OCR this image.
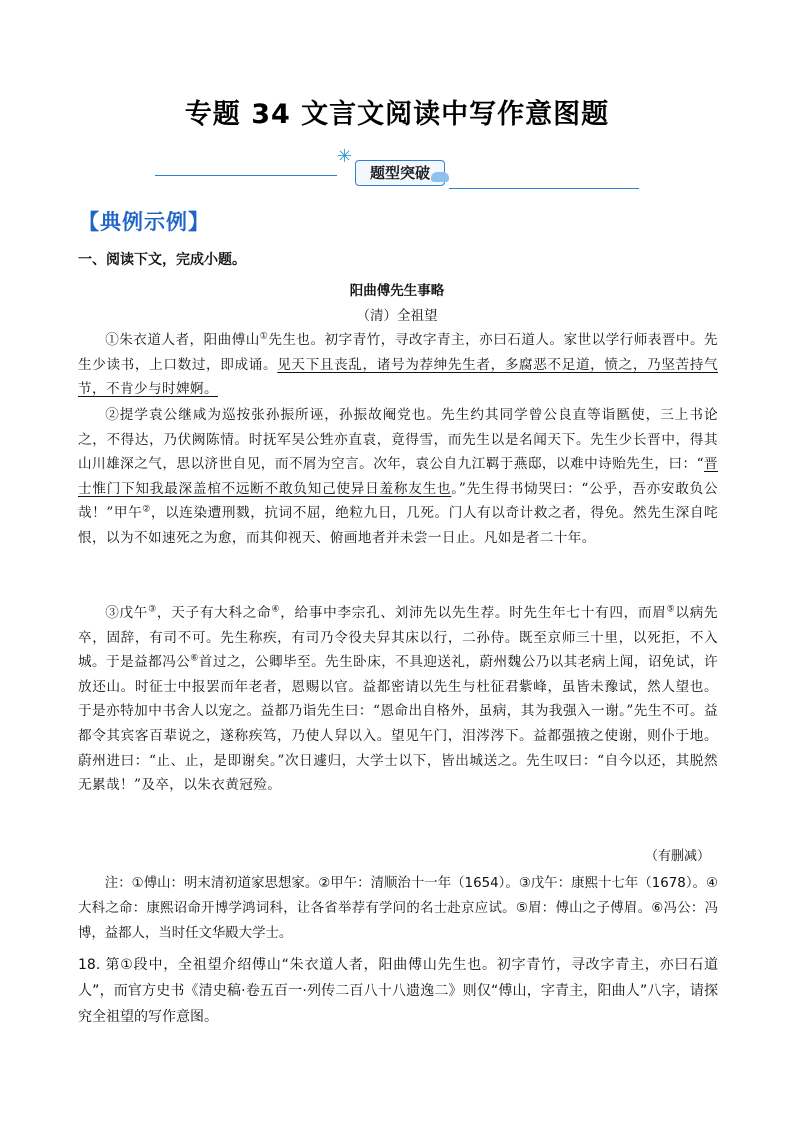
专题 34 文言文阅读中写作意图题
✳
题型突破
【典例示例】
一、阅读下文，完成小题。
阳曲傅先生事略
（清）全祖望

①朱衣道人者，阳曲傅山①先生也。初字青竹，寻改字青主，亦曰石道人。家世以学行师表晋中。先生少读书，上口数过，即成诵。见天下且丧乱，诸号为荐绅先生者，多腐恶不足道，愤之，乃坚苦持气节，不肯少与时婢婀。

②提学袁公继咸为巡按张孙振所诬，孙振故阉党也。先生约其同学曾公良直等诣匦使，三上书论之，不得达，乃伏阙陈情。时抚军吴公甡亦直袁，竟得雪，而先生以是名闻天下。先生少长晋中，得其山川雄深之气，思以济世自见，而不屑为空言。次年，袁公自九江羁于燕邸，以难中诗贻先生，曰：“晋士惟门下知我最深盖棺不远断不敢负知己使异日羞称友生也。”先生得书恸哭曰：“公乎，吾亦安敢负公哉！”甲午②，以连染遭刑戮，抗词不屈，绝粒九日，几死。门人有以奇计救之者，得免。然先生深自咤恨，以为不如速死之为愈，而其仰视天、俯画地者并未尝一日止。凡如是者二十年。

③戊午③，天子有大科之命④，给事中李宗孔、刘沛先以先生荐。时先生年七十有四，而眉⑤以病先卒，固辞，有司不可。先生称疾，有司乃令役夫舁其床以行，二孙侍。既至京师三十里，以死拒，不入城。于是益都冯公⑥首过之，公卿毕至。先生卧床，不具迎送礼，蔚州魏公乃以其老病上闻，诏免试，许放还山。时征士中报罢而年老者，恩赐以官。益都密请以先生与杜征君紫峰，虽皆未豫试，然人望也。于是亦特加中书舍人以宠之。益都乃诣先生曰：“恩命出自格外，虽病，其为我强入一谢。”先生不可。益都令其宾客百辈说之，遂称疾笃，乃使人舁以入。望见午门，泪涔涔下。益都强掖之使谢，则仆于地。蔚州进曰：“止、止，是即谢矣。”次日遽归，大学士以下，皆出城送之。先生叹曰：“自今以还，其脱然无累哉！”及卒，以朱衣黄冠殓。

（有删减）

注：①傅山：明末清初道家思想家。②甲午：清顺治十一年（1654）。③戊午：康熙十七年（1678）。④大科之命：康熙诏命开博学鸿词科，让各省举荐有学问的名士赴京应试。⑤眉：傅山之子傅眉。⑥冯公：冯博，益都人，当时任文华殿大学士。

18. 第①段中，全祖望介绍傅山“朱衣道人者，阳曲傅山先生也。初字青竹，寻改字青主，亦曰石道人”，而官方史书《清史稿·卷五百一·列传二百八十八遗逸二》则仅“傅山，字青主，阳曲人”八字，请探究全祖望的写作意图。
